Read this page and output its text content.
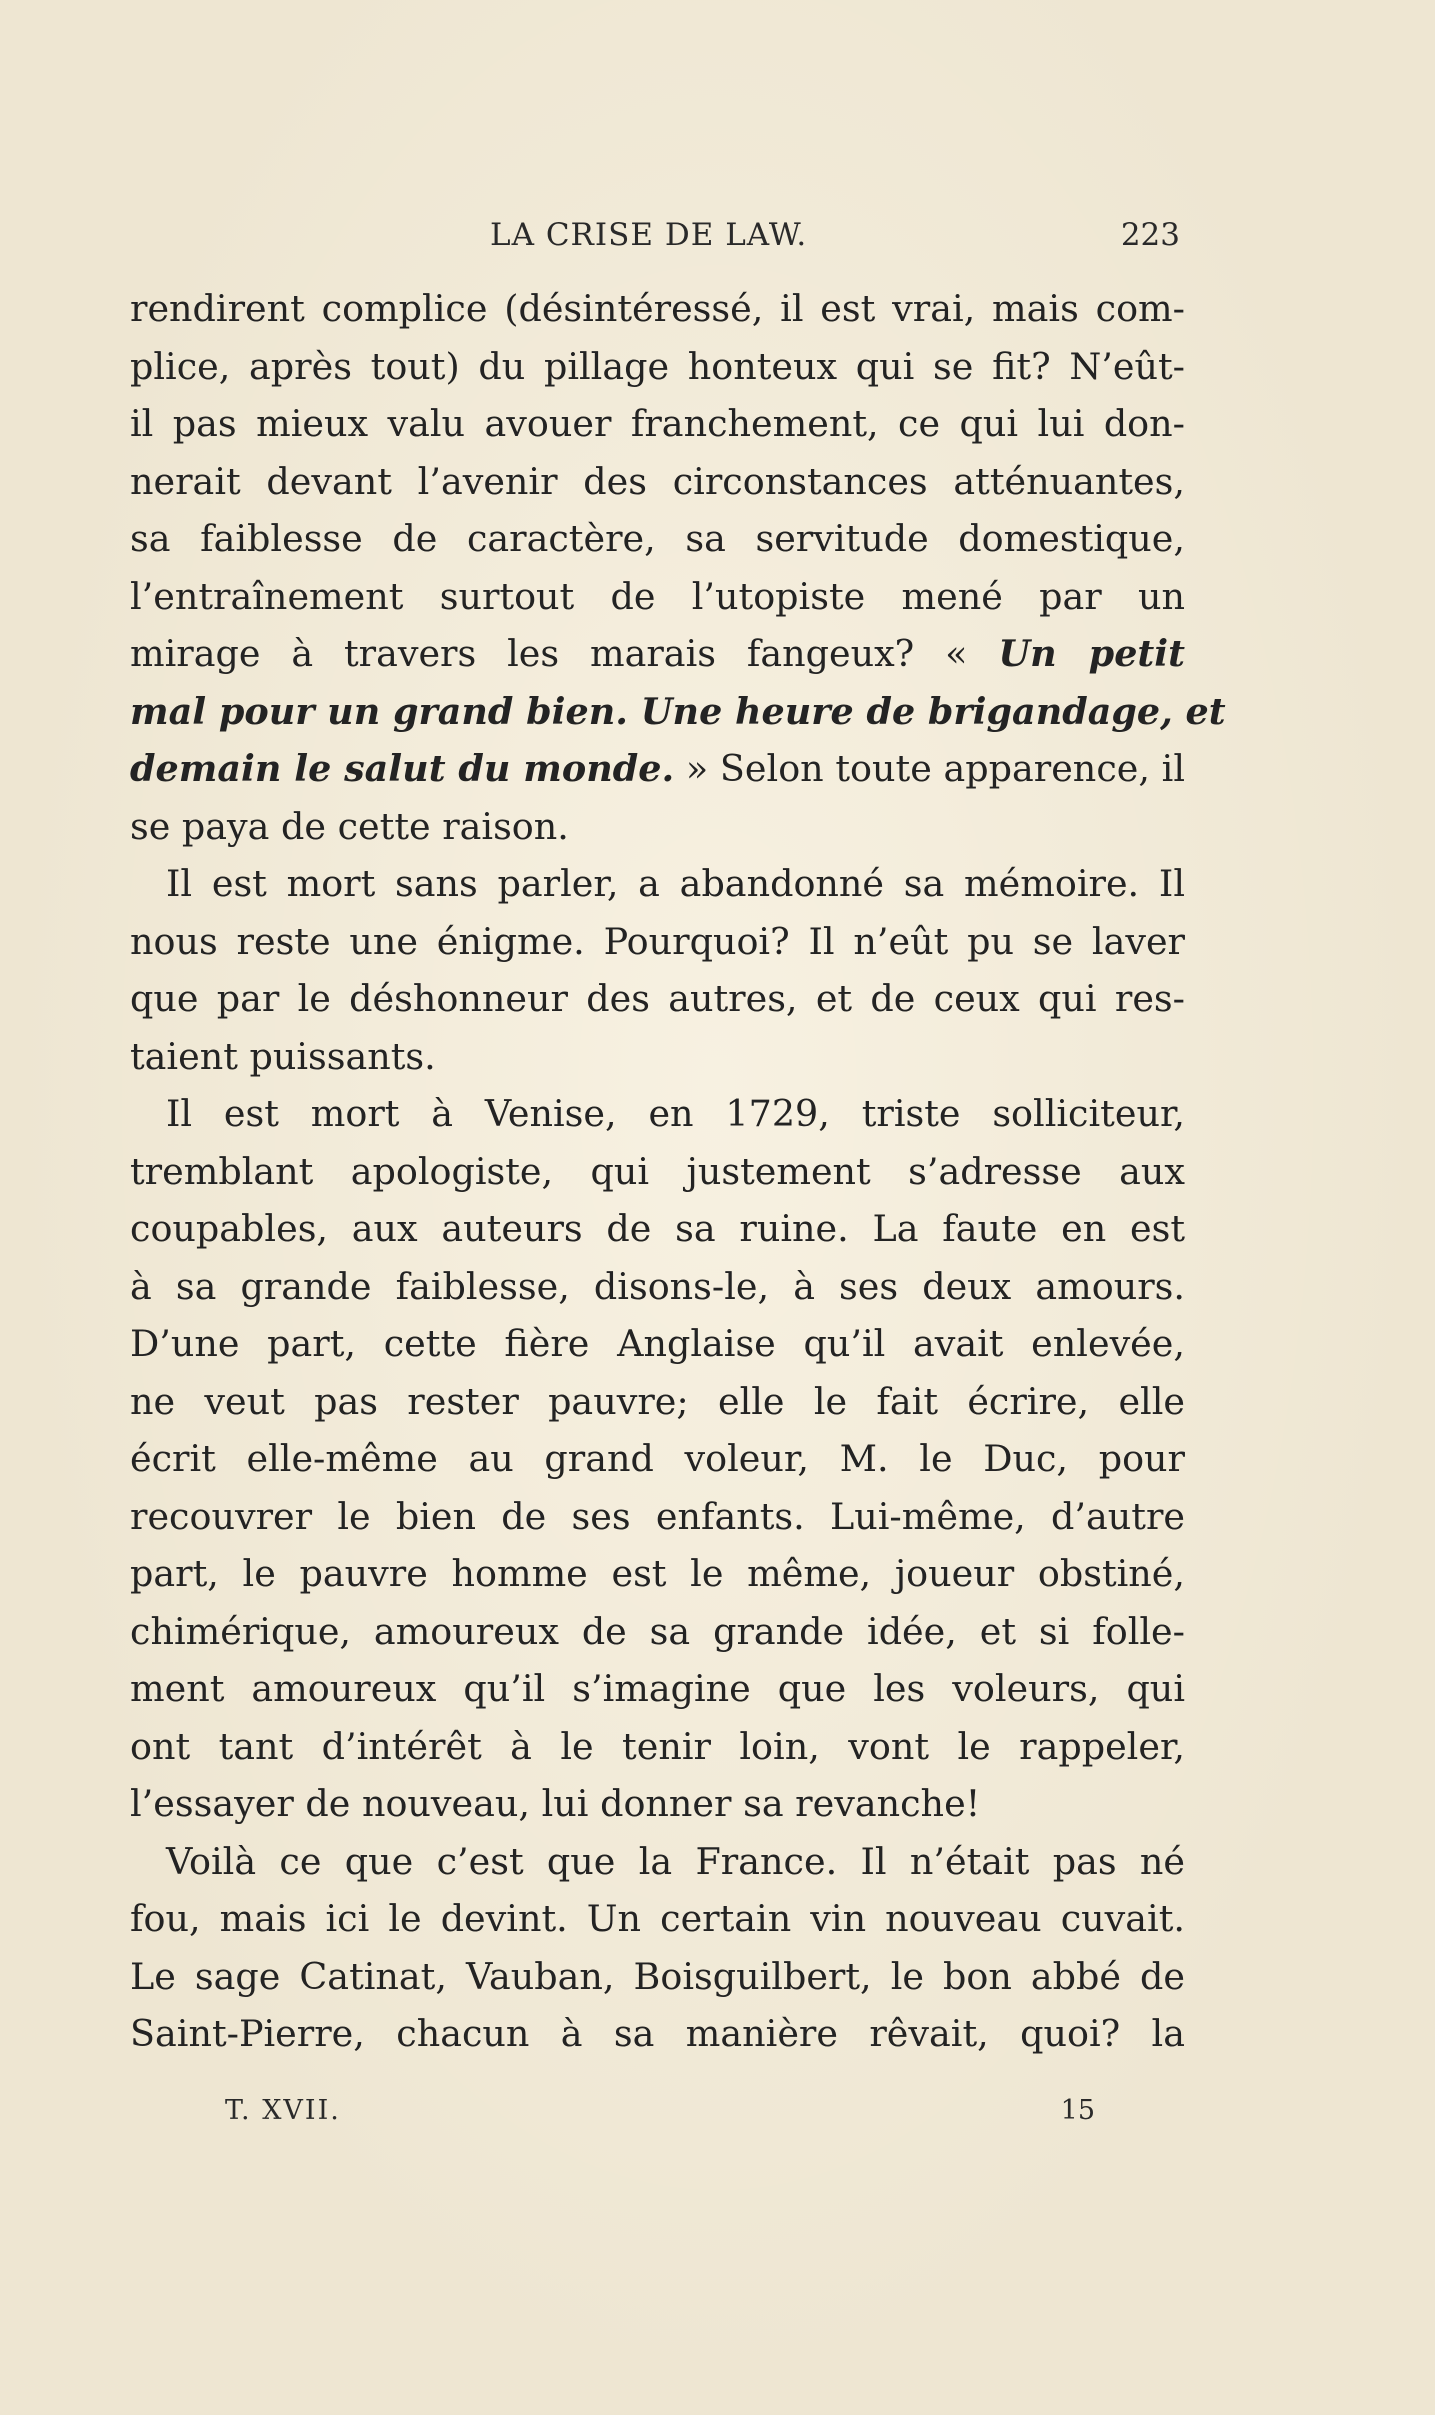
LA CRISE DE LAW.	223
rendirent complice (désintéressé, il est vrai, mais com-
plice, après tout) du pillage honteux qui se fit? N’eût-
il pas mieux valu avouer franchement, ce qui lui don-
nerait devant l’avenir des circonstances atténuantes,
sa faiblesse de caractère, sa servitude domestique,
l’entraînement surtout de l’utopiste mené par un
mirage à travers les marais fangeux? « Un petit
mal pour un grand bien. Une heure de brigandage, et
demain le salut du monde. » Selon toute apparence, il
se paya de cette raison.
Il est mort sans parler, a abandonné sa mémoire. Il
nous reste une énigme. Pourquoi? Il n’eût pu se laver
que par le déshonneur des autres, et de ceux qui res-
taient puissants.
Il est mort à Venise, en 1729, triste solliciteur,
tremblant apologiste, qui justement s’adresse aux
coupables, aux auteurs de sa ruine. La faute en est
à sa grande faiblesse, disons-le, à ses deux amours.
D’une part, cette fière Anglaise qu’il avait enlevée,
ne veut pas rester pauvre; elle le fait écrire, elle
écrit elle-même au grand voleur, M. le Duc, pour
recouvrer le bien de ses enfants. Lui-même, d’autre
part, le pauvre homme est le même, joueur obstiné,
chimérique, amoureux de sa grande idée, et si folle-
ment amoureux qu’il s’imagine que les voleurs, qui
ont tant d’intérêt à le tenir loin, vont le rappeler,
l’essayer de nouveau, lui donner sa revanche!
Voilà ce que c’est que la France. Il n’était pas né
fou, mais ici le devint. Un certain vin nouveau cuvait.
Le sage Catinat, Vauban, Boisguilbert, le bon abbé de
Saint-Pierre, chacun à sa manière rêvait, quoi? la
T. XVII.	15
